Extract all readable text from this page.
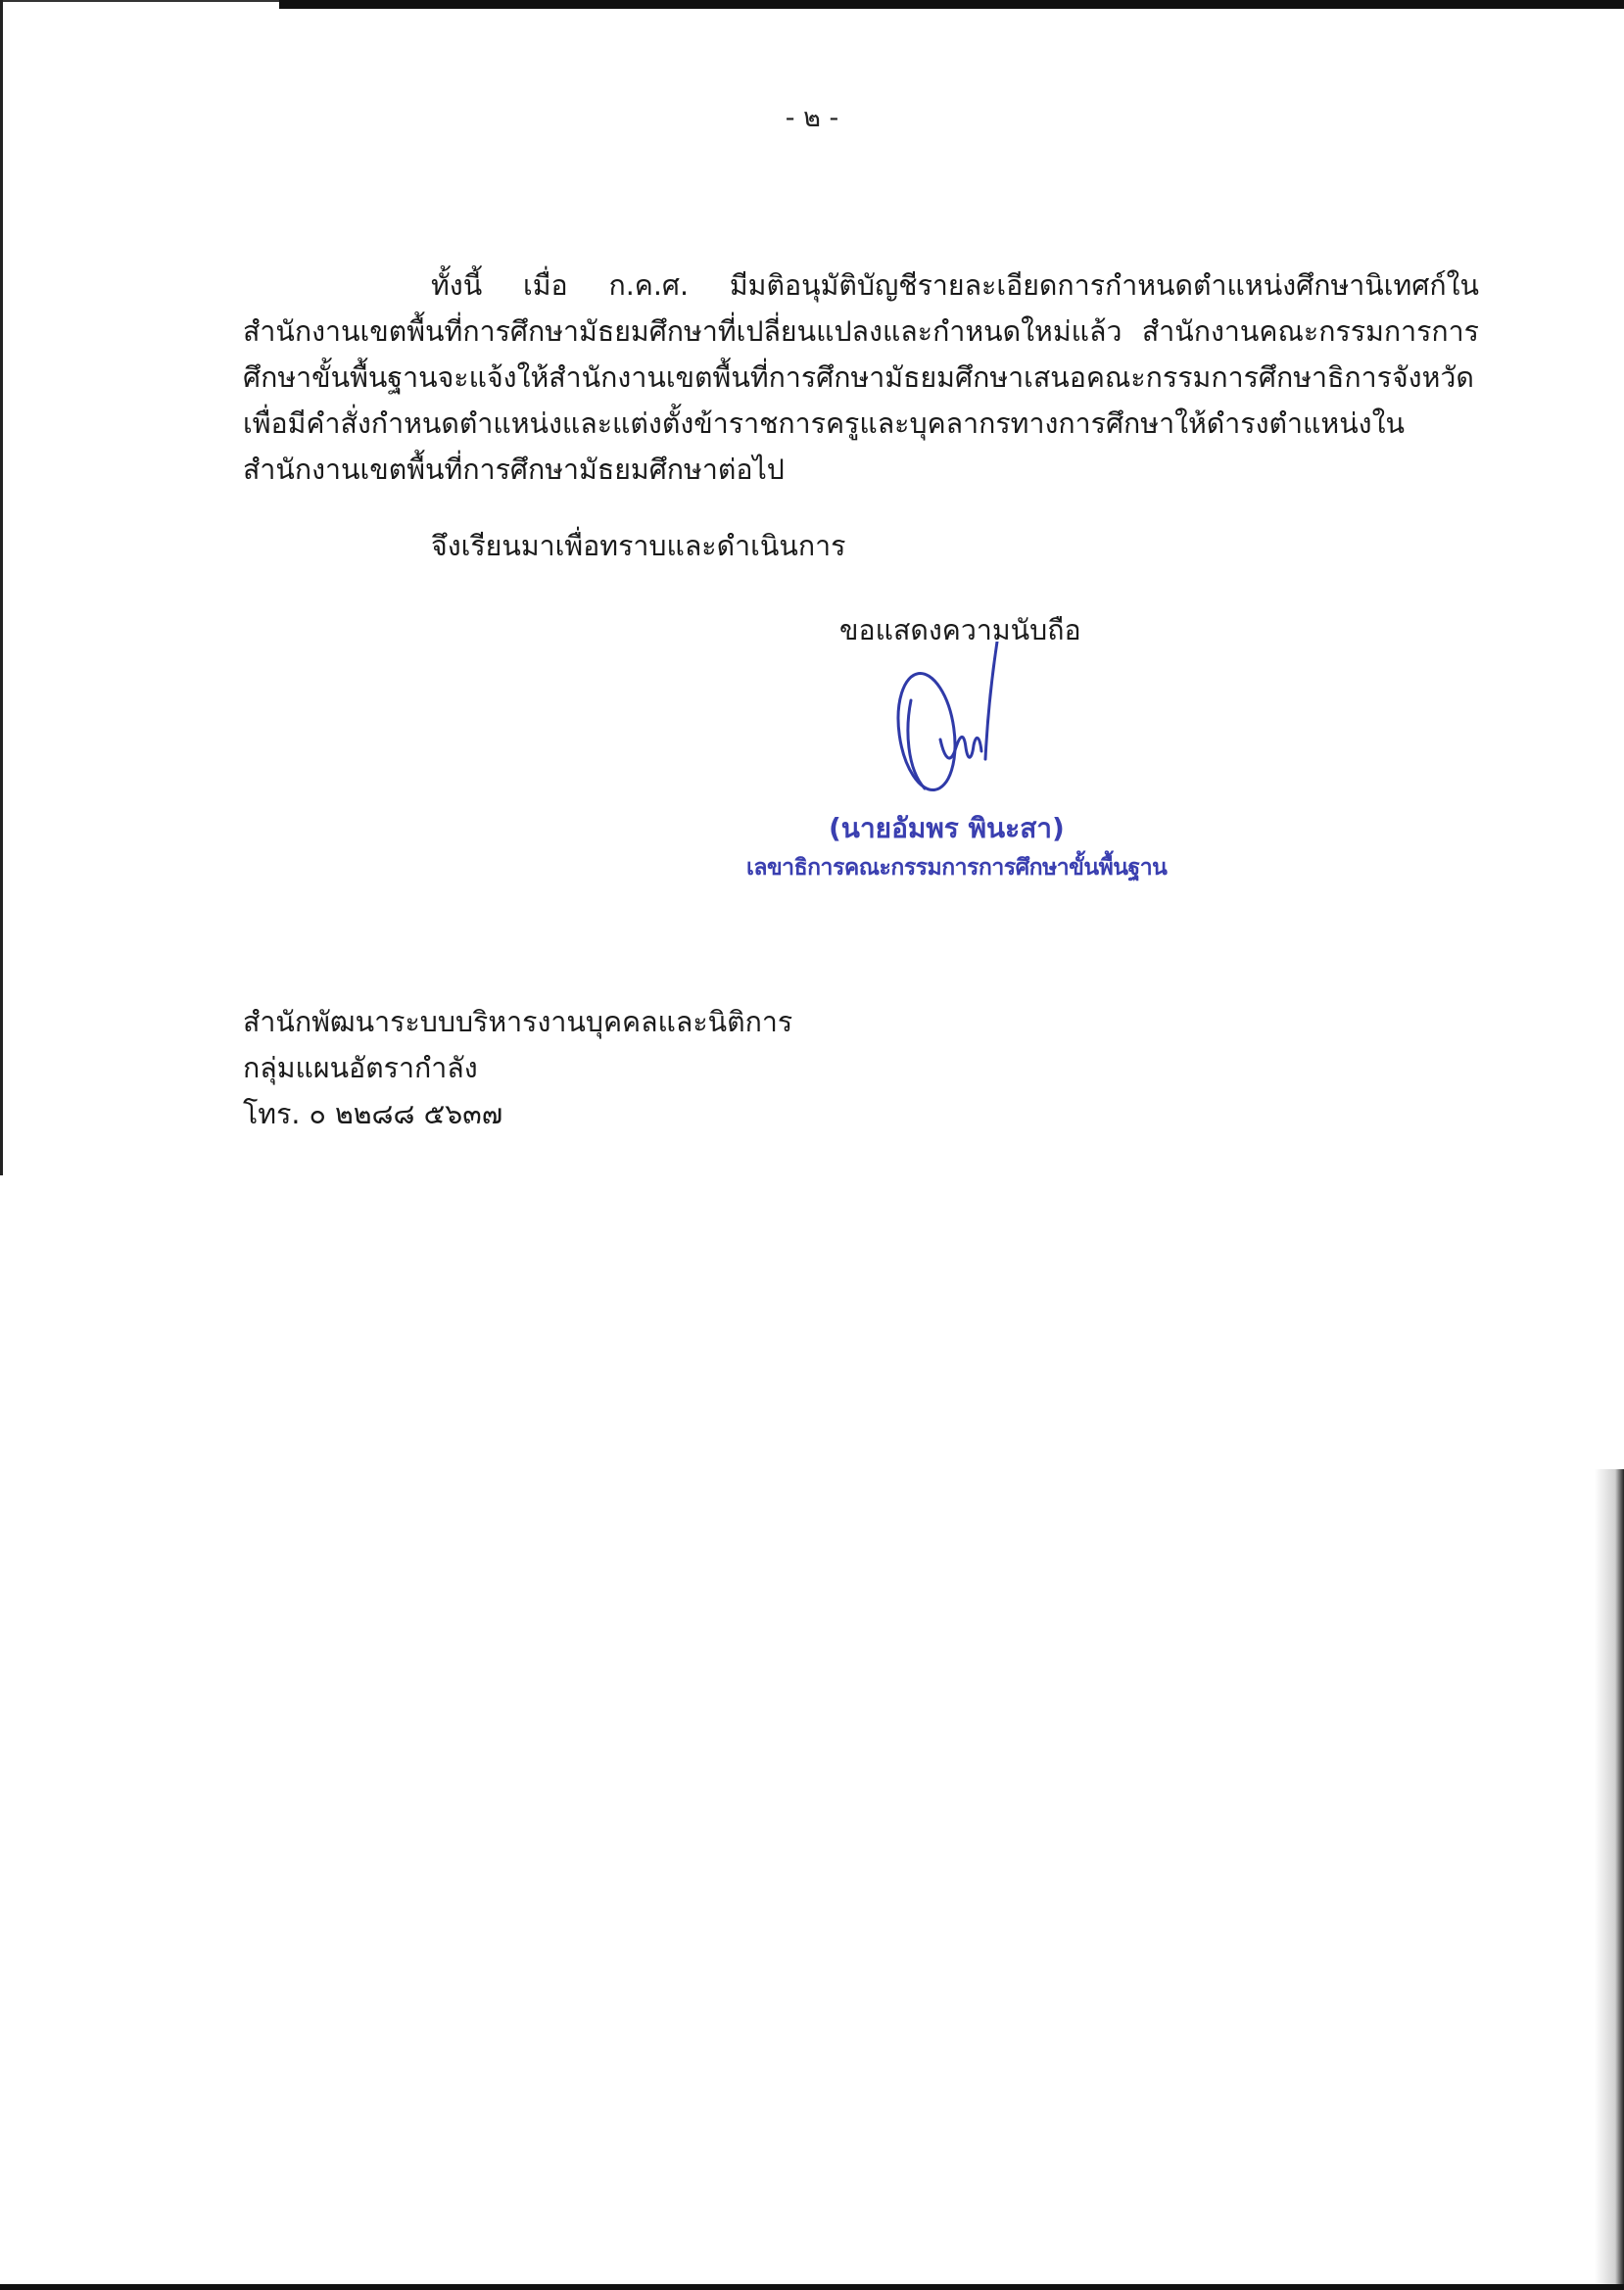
- ๒ -

ทั้งนี้ เมื่อ ก.ค.ศ. มีมติอนุมัติบัญชีรายละเอียดการกำหนดตำแหน่งศึกษานิเทศก์ในสำนักงานเขตพื้นที่การศึกษามัธยมศึกษาที่เปลี่ยนแปลงและกำหนดใหม่แล้ว สำนักงานคณะกรรมการการศึกษาขั้นพื้นฐานจะแจ้งให้สำนักงานเขตพื้นที่การศึกษามัธยมศึกษาเสนอคณะกรรมการศึกษาธิการจังหวัด เพื่อมีคำสั่งกำหนดตำแหน่งและแต่งตั้งข้าราชการครูและบุคลากรทางการศึกษาให้ดำรงตำแหน่งในสำนักงานเขตพื้นที่การศึกษามัธยมศึกษาต่อไป

จึงเรียนมาเพื่อทราบและดำเนินการ

ขอแสดงความนับถือ
(นายอัมพร พินะสา)
เลขาธิการคณะกรรมการการศึกษาขั้นพื้นฐาน
สำนักพัฒนาระบบบริหารงานบุคคลและนิติการ
กลุ่มแผนอัตรากำลัง
โทร. ๐ ๒๒๘๘ ๕๖๓๗
